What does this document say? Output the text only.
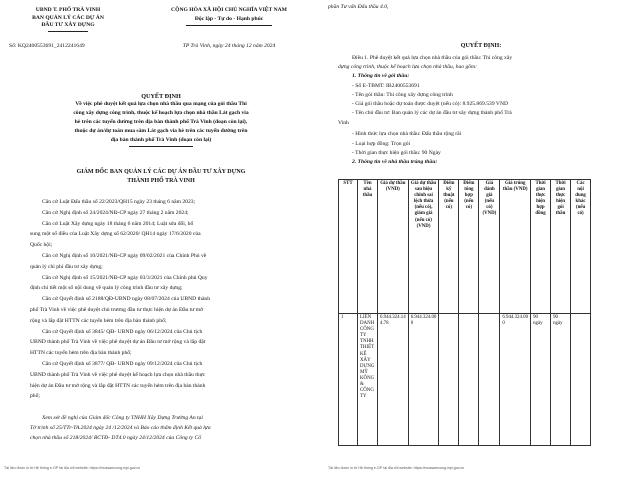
UBND T. PHỐ TRÀ VINH
BAN QUẢN LÝ CÁC DỰ ÁN
ĐẦU TƯ XÂY DỰNG
Số: KQ2400553691_2412241649
CỘNG HÒA XÃ HỘI CHỦ NGHĨA VIỆT NAM
Độc lập - Tự do - Hạnh phúc
TP Trà Vinh, ngày 24 tháng 12 năm 2024
QUYẾT ĐỊNH
Về việc phê duyệt kết quả lựa chọn nhà thầu qua mạng của gói thầu Thi
công xây dựng công trình, thuộc kế hoạch lựa chọn nhà thầu Lát gạch via
hè trên các tuyến đường trên địa bàn thành phố Trà Vinh (đoạn còn lại),
thuộc dự án/dự toán mua sắm Lát gạch via hè trên các tuyến đường trên
địa bàn thành phố Trà Vinh (đoạn còn lại)
GIÁM ĐỐC BAN QUẢN LÝ CÁC DỰ ÁN ĐẦU TƯ XÂY DỰNG
THÀNH PHỐ TRÀ VINH
Căn cứ Luật Đấu thầu số 22/2023/QH15 ngày 23 tháng 6 năm 2023;
Căn cứ Nghị định số 24/2024/NĐ-CP ngày 27 tháng 2 năm 2024;
Căn cứ Luật Xây dựng ngày 18 tháng 6 năm 2014; Luật sửa đổi, bổ
sung một số điều của Luật Xây dựng số 62/2020/ QH14 ngày 17/6/2020 của
Quốc hội;
Căn cứ Nghị định số 10/2021/NĐ-CP ngày 09/02/2021 của Chính Phủ về
quản lý chi phí đầu tư xây dựng;
Căn cứ Nghị định số 15/2021/NĐ-CP ngày 03/3/2021 của Chính phủ Quy
định chi tiết một số nội dung về quản lý công trình đầu tư xây dựng;
Căn cứ Quyết định số 2188/QĐ-UBND ngày 08/07/2024 của UBND thành
phố Trà Vinh về việc phê duyệt chủ trương đầu tư thực hiện dự án Đầu tư mở
rộng và lắp đặt HTTN các tuyến hẻm trên địa bàn thành phố;
Căn cứ Quyết định số 3845/ QĐ- UBND ngày 06/12/2024 của Chủ tịch
UBND thành phố Trà Vinh về việc phê duyệt dự án Đầu tư mở rộng và lắp đặt
HTTN các tuyến hẻm trên địa bàn thành phố;
Căn cứ Quyết định số 3877/ QĐ- UBND ngày 09/12/2024 của Chủ tịch
UBND thành phố Trà Vinh về việc phê duyệt kế hoạch lựa chọn nhà thầu thực
hiện dự án Đầu tư mở rộng và lắp đặt HTTN các tuyến hẻm trên địa bàn thành
phố;
Xem xét đề nghị của Giám đốc Công ty TNHH Xây Dựng Trường An tại
Tờ trình số 25/TTr-TA.2024 ngày 24 /12/2024 và Báo cáo thẩm định Kết quả lựa
chọn nhà thầu số 218/2024/ BCTĐ- DT4.0 ngày 24/12/2024 của Công ty Cổ
Tài liệu được in từ Hệ thống e-GP tại địa chỉ website: https://muasamcong.mpi.gov.vn
phần Tư vấn Đấu thầu 4.0,
QUYẾT ĐỊNH:
Điều 1. Phê duyệt kết quả lựa chọn nhà thầu của gói thầu: Thi công xây
dựng công trình, thuộc kế hoạch lựa chọn nhà thầu, bao gồm:
1. Thông tin về gói thầu:
- Số E-TBMT: IB2400553691
- Tên gói thầu: Thi công xây dựng công trình
- Giá gói thầu hoặc dự toán được duyệt (nếu có): 8.925.869.539 VND
- Tên chủ đầu tư: Ban quản lý các dự án đầu tư xây dựng thành phố Trà
Vinh
- Hình thức lựa chọn nhà thầu: Đấu thầu rộng rãi
- Loại hợp đồng: Trọn gói
- Thời gian thực hiện gói thầu: 90 Ngày
2. Thông tin về nhà thầu trúng thầu:
Tài liệu được in từ Hệ thống e-GP tại địa chỉ website: https://muasamcong.mpi.gov.vn
STT	Tên nhà thầu	Giá dự thầu (VND)	Giá dự thầu sau hiệu chỉnh sai lệch thừa (nếu có), giảm giá (nếu có) (VND)	Điểm kỹ thuật (nếu có)	Điểm tổng hợp (nếu có)	Giá đánh giá (nếu có) (VND)	Giá trúng thầu (VND)	Thời gian thực hiện hợp đồng	Thời gian thực hiện gói thầu	Các nội dung khác (nếu có)
1	LIÊN DANH CÔNG TY TNHH THIẾT KẾ XÂY DỰNG MỸ KÔNG & CÔNG TY	6.944.324.14 4.78	6.944.324.00 0				6.944.324.00 0	90 ngày	90 ngày	
